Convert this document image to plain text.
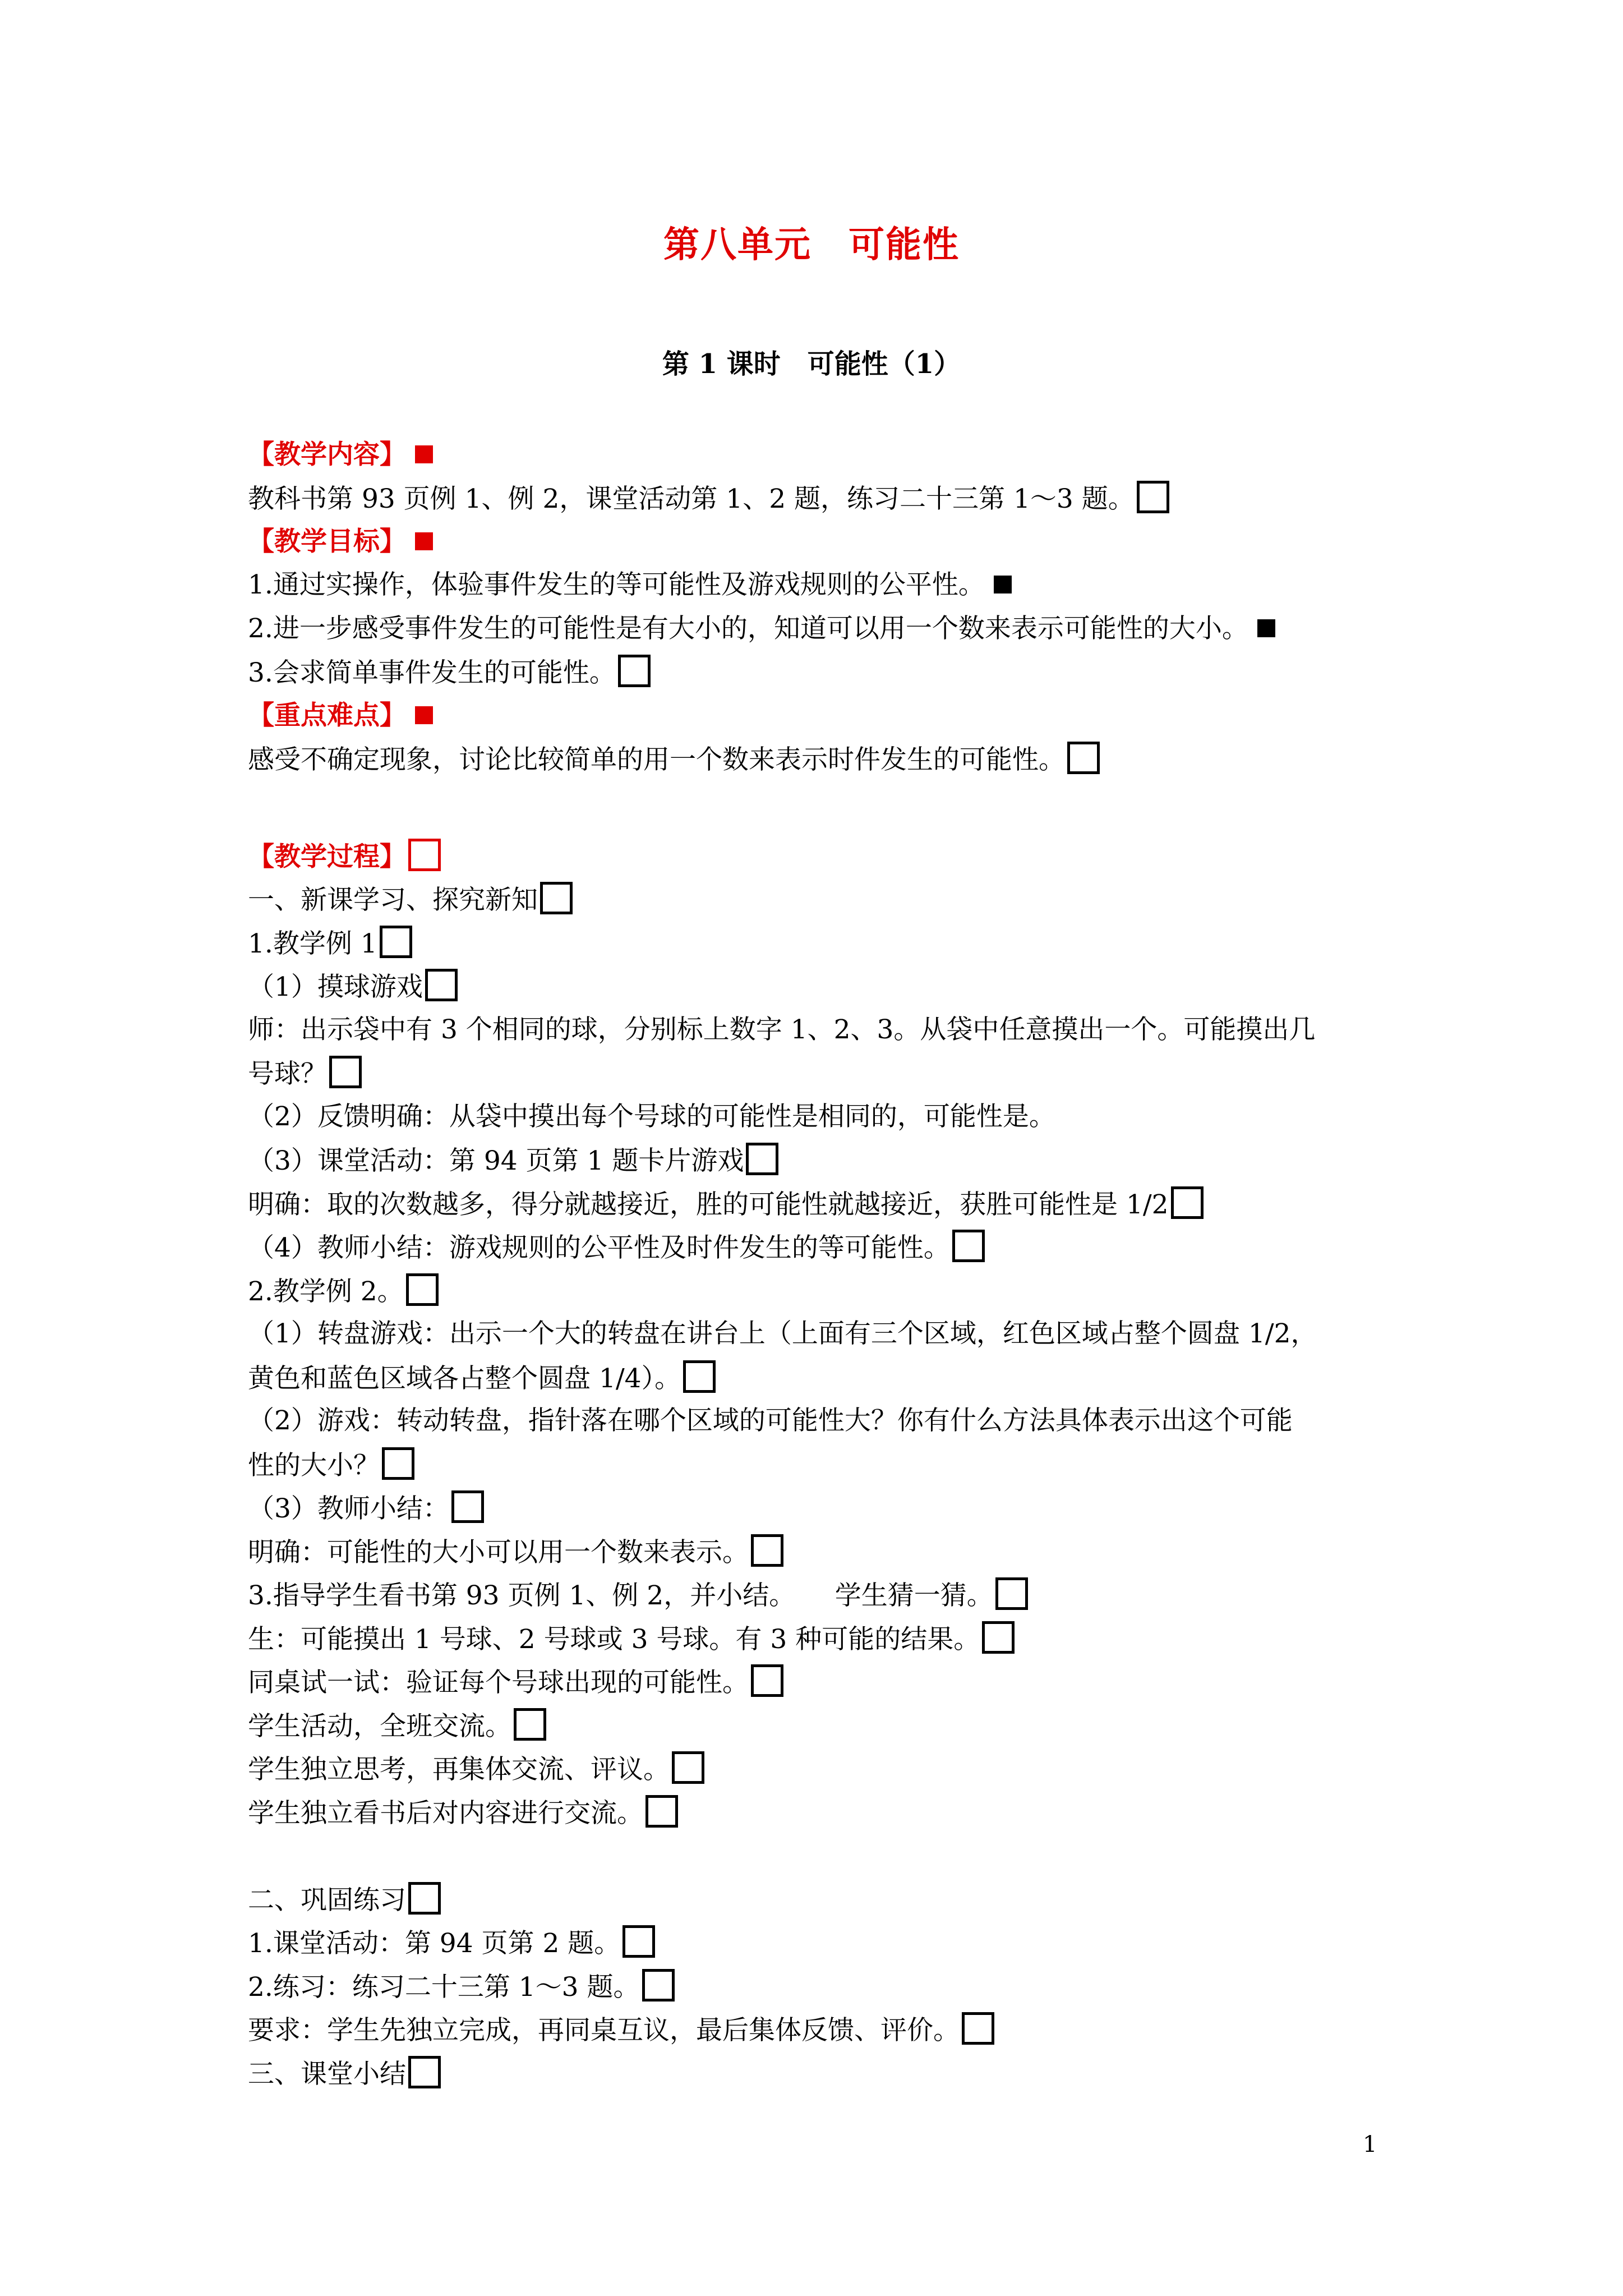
第八单元　可能性
第 1 课时　可能性（1）
【教学内容】
教科书第 93 页例 1、例 2，课堂活动第 1、2 题，练习二十三第 1～3 题。
【教学目标】
1.通过实操作，体验事件发生的等可能性及游戏规则的公平性。
2.进一步感受事件发生的可能性是有大小的，知道可以用一个数来表示可能性的大小。
3.会求简单事件发生的可能性。
【重点难点】
感受不确定现象，讨论比较简单的用一个数来表示时件发生的可能性。
【教学过程】
一、新课学习、探究新知
1.教学例 1
（1）摸球游戏
师：出示袋中有 3 个相同的球，分别标上数字 1、2、3。从袋中任意摸出一个。可能摸出几
号球？
（2）反馈明确：从袋中摸出每个号球的可能性是相同的，可能性是。
（3）课堂活动：第 94 页第 1 题卡片游戏
明确：取的次数越多，得分就越接近，胜的可能性就越接近，获胜可能性是 1/2
（4）教师小结：游戏规则的公平性及时件发生的等可能性。
2.教学例 2。
（1）转盘游戏：出示一个大的转盘在讲台上（上面有三个区域，红色区域占整个圆盘 1/2，
黄色和蓝色区域各占整个圆盘 1/4）。
（2）游戏：转动转盘，指针落在哪个区域的可能性大？你有什么方法具体表示出这个可能
性的大小？
（3）教师小结：
明确：可能性的大小可以用一个数来表示。
3.指导学生看书第 93 页例 1、例 2，并小结。　　学生猜一猜。
生：可能摸出 1 号球、2 号球或 3 号球。有 3 种可能的结果。
同桌试一试：验证每个号球出现的可能性。
学生活动，全班交流。
学生独立思考，再集体交流、评议。
学生独立看书后对内容进行交流。
二、巩固练习
1.课堂活动：第 94 页第 2 题。
2.练习：练习二十三第 1～3 题。
要求：学生先独立完成，再同桌互议，最后集体反馈、评价。
三、课堂小结
1
